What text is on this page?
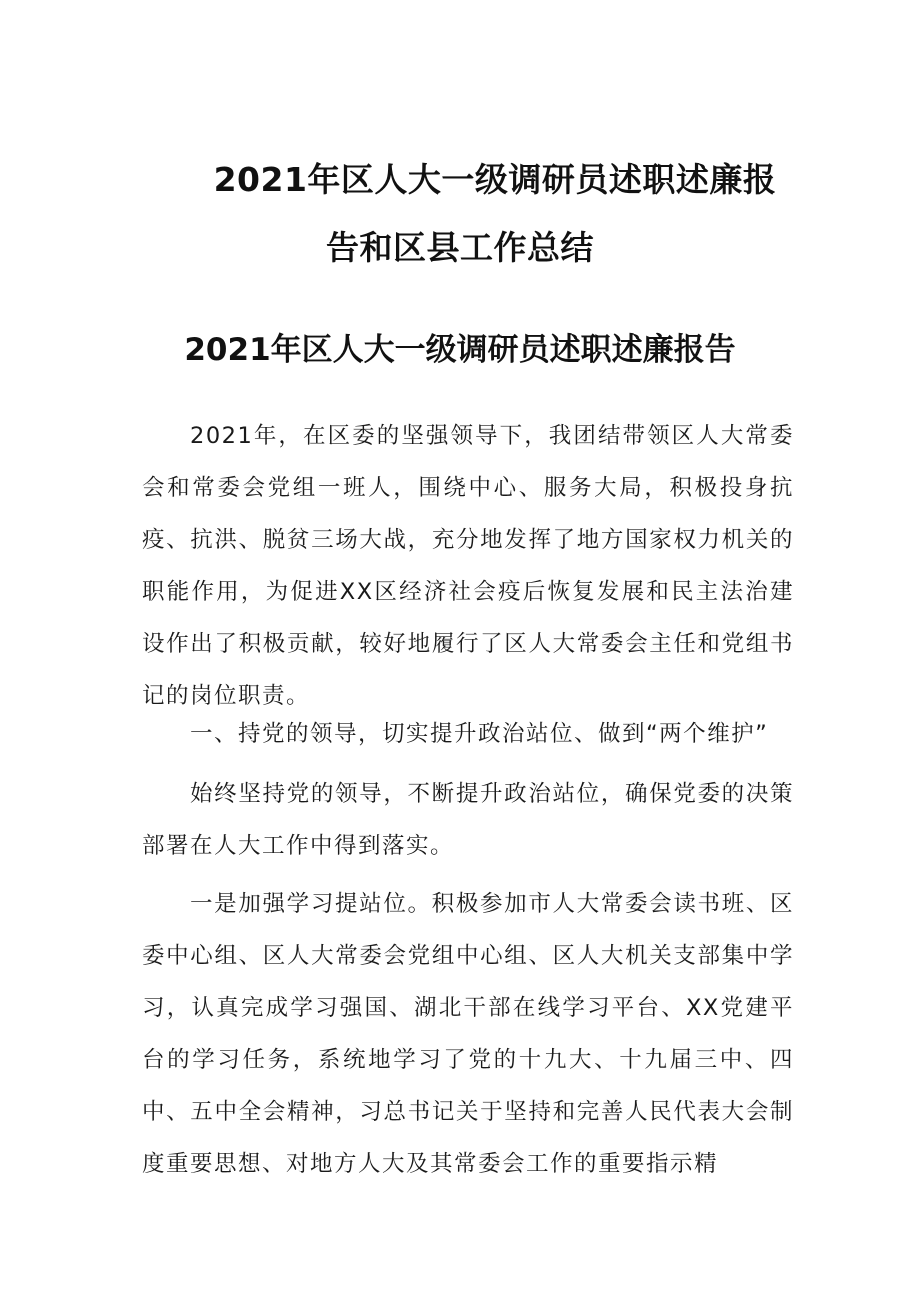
2021年区人大一级调研员述职述廉报
告和区县工作总结
2021年区人大一级调研员述职述廉报告

2021年，在区委的坚强领导下，我团结带领区人大常委会和常委会党组一班人，围绕中心、服务大局，积极投身抗疫、抗洪、脱贫三场大战，充分地发挥了地方国家权力机关的职能作用，为促进XX区经济社会疫后恢复发展和民主法治建设作出了积极贡献，较好地履行了区人大常委会主任和党组书记的岗位职责。

一、持党的领导，切实提升政治站位、做到“两个维护”

始终坚持党的领导，不断提升政治站位，确保党委的决策部署在人大工作中得到落实。

一是加强学习提站位。积极参加市人大常委会读书班、区委中心组、区人大常委会党组中心组、区人大机关支部集中学习，认真完成学习强国、湖北干部在线学习平台、XX党建平台的学习任务，系统地学习了党的十九大、十九届三中、四中、五中全会精神，习总书记关于坚持和完善人民代表大会制度重要思想、对地方人大及其常委会工作的重要指示精
